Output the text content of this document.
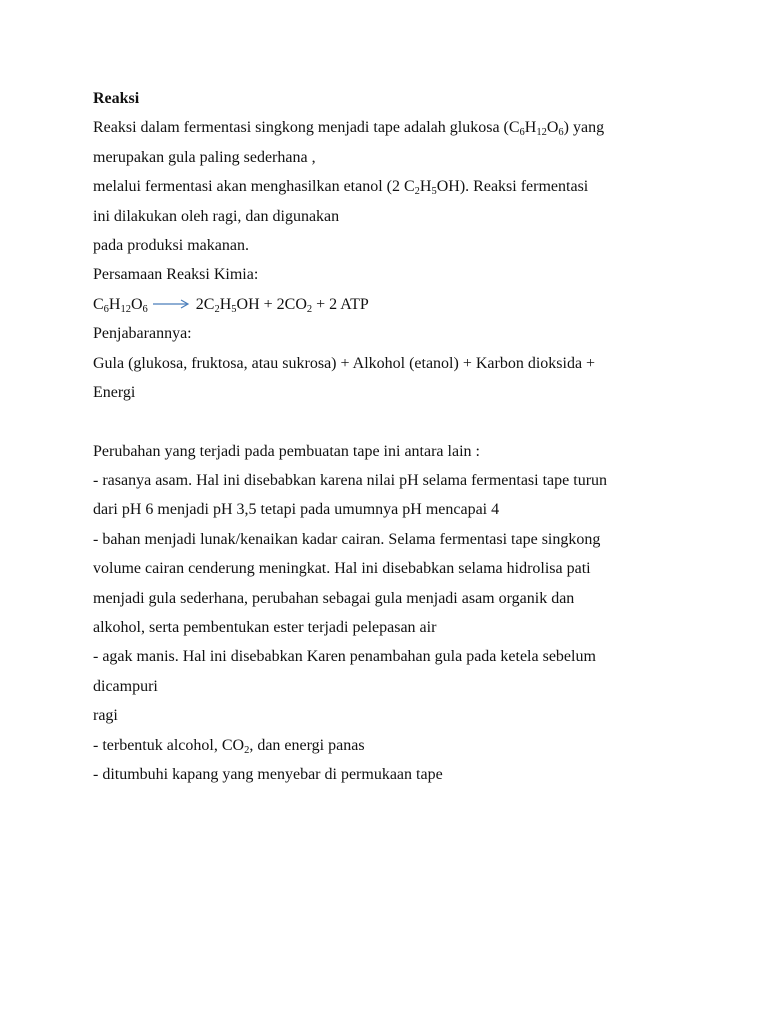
Reaksi
Reaksi dalam fermentasi singkong menjadi tape adalah glukosa $(C_6H_{12}O_6)$ yang
merupakan gula paling sederhana ,
melalui fermentasi akan menghasilkan etanol (2 $C_2H_5OH$). Reaksi fermentasi
ini dilakukan oleh ragi, dan digunakan
pada produksi makanan.
Persamaan Reaksi Kimia:
$C_6H_{12}O_6 \to 2C_2H_5OH + 2CO_2 + 2$ ATP
Penjabarannya:
Gula (glukosa, fruktosa, atau sukrosa) + Alkohol (etanol) + Karbon dioksida +
Energi
Perubahan yang terjadi pada pembuatan tape ini antara lain :
- rasanya asam. Hal ini disebabkan karena nilai pH selama fermentasi tape turun
dari pH 6 menjadi pH 3,5 tetapi pada umumnya pH mencapai 4
- bahan menjadi lunak/kenaikan kadar cairan. Selama fermentasi tape singkong
volume cairan cenderung meningkat. Hal ini disebabkan selama hidrolisa pati
menjadi gula sederhana, perubahan sebagai gula menjadi asam organik dan
alkohol, serta pembentukan ester terjadi pelepasan air
- agak manis. Hal ini disebabkan Karen penambahan gula pada ketela sebelum
dicampuri
ragi
- terbentuk alcohol, $CO_2$, dan energi panas
- ditumbuhi kapang yang menyebar di permukaan tape
